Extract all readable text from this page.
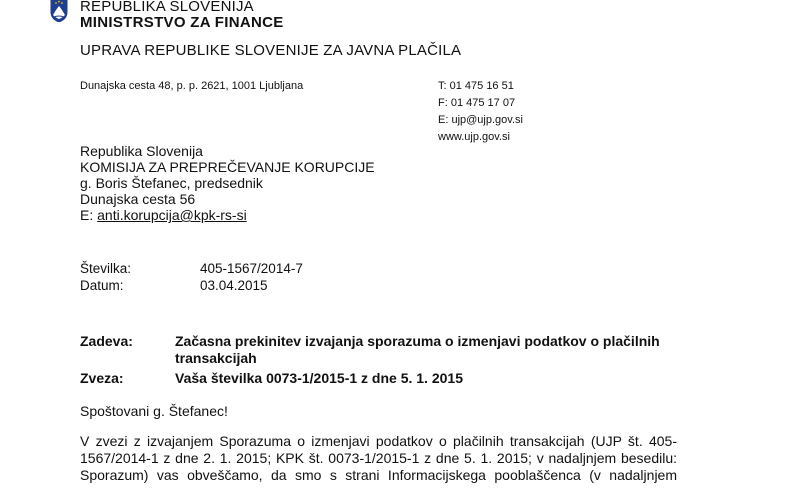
REPUBLIKA SLOVENIJA
MINISTRSTVO ZA FINANCE
UPRAVA REPUBLIKE SLOVENIJE ZA JAVNA PLAČILA
Dunajska cesta 48, p. p. 2621, 1001 Ljubljana	T: 01 475 16 51
F: 01 475 17 07
E: ujp@ujp.gov.si
www.ujp.gov.si
Republika Slovenija
KOMISIJA ZA PREPREČEVANJE KORUPCIJE
g. Boris Štefanec, predsednik
Dunajska cesta 56
E: anti.korupcija@kpk-rs-si
Številka:	405-1567/2014-7
Datum:	03.04.2015
Zadeva:	Začasna prekinitev izvajanja sporazuma o izmenjavi podatkov o plačilnih transakcijah
Zveza:	Vaša številka 0073-1/2015-1 z dne 5. 1. 2015
Spoštovani g. Štefanec!
V zvezi z izvajanjem Sporazuma o izmenjavi podatkov o plačilnih transakcijah (UJP št. 405-
1567/2014-1 z dne 2. 1. 2015; KPK št. 0073-1/2015-1 z dne 5. 1. 2015; v nadaljnjem besedilu:
Sporazum) vas obveščamo, da smo s strani Informacijskega pooblaščenca (v nadaljnjem
